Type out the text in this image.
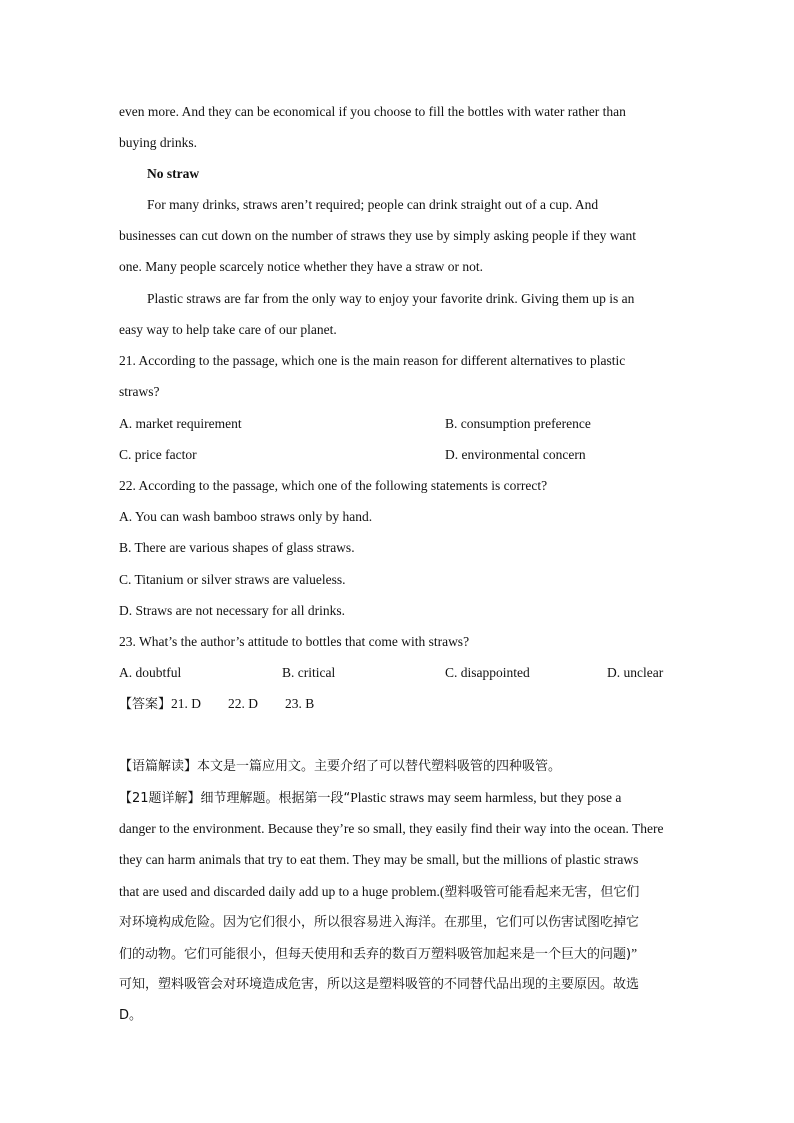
even more. And they can be economical if you choose to fill the bottles with water rather than
buying drinks.
No straw
For many drinks, straws aren’t required; people can drink straight out of a cup. And
businesses can cut down on the number of straws they use by simply asking people if they want
one. Many people scarcely notice whether they have a straw or not.
Plastic straws are far from the only way to enjoy your favorite drink. Giving them up is an
easy way to help take care of our planet.
21. According to the passage, which one is the main reason for different alternatives to plastic
straws?
A. market requirement	B. consumption preference
C. price factor	D. environmental concern
22. According to the passage, which one of the following statements is correct?
A. You can wash bamboo straws only by hand.
B. There are various shapes of glass straws.
C. Titanium or silver straws are valueless.
D. Straws are not necessary for all drinks.
23. What’s the author’s attitude to bottles that come with straws?
A. doubtful	B. critical	C. disappointed	D. unclear
【答案】21. D        22. D        23. B
【语篇解读】本文是一篇应用文。主要介绍了可以替代塑料吸管的四种吸管。
【21题详解】细节理解题。根据第一段“Plastic straws may seem harmless, but they pose a
danger to the environment. Because they’re so small, they easily find their way into the ocean. There
they can harm animals that try to eat them. They may be small, but the millions of plastic straws
that are used and discarded daily add up to a huge problem.(塑料吸管可能看起来无害，但它们
对环境构成危险。因为它们很小，所以很容易进入海洋。在那里，它们可以伤害试图吃掉它
们的动物。它们可能很小，但每天使用和丢弃的数百万塑料吸管加起来是一个巨大的问题)”
可知，塑料吸管会对环境造成危害，所以这是塑料吸管的不同替代品出现的主要原因。故选
D。
